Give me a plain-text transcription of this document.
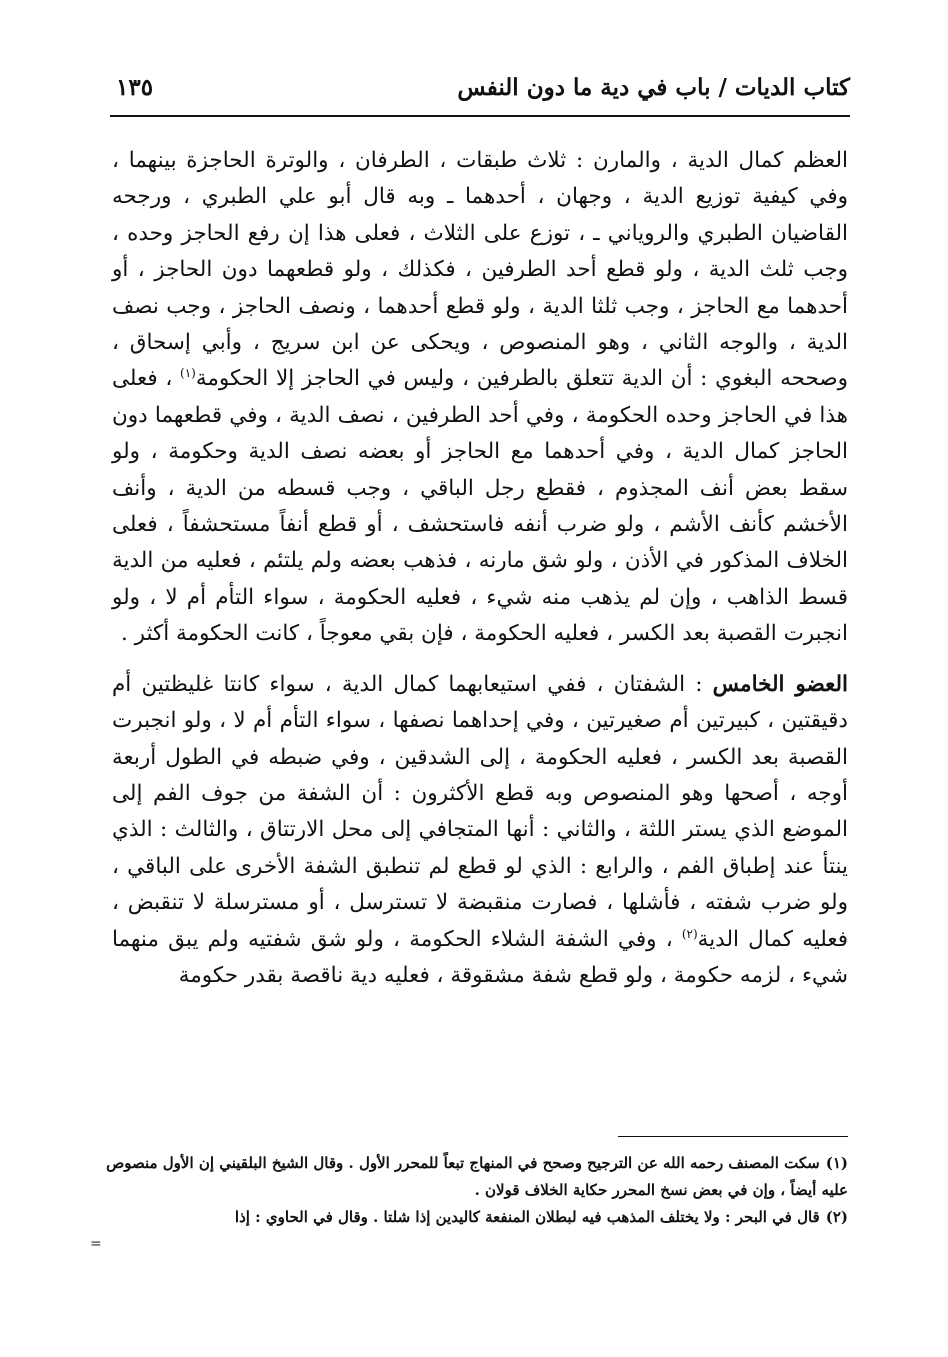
كتاب الديات / باب في دية ما دون النفس
١٣٥

العظم كمال الدية ، والمارن : ثلاث طبقات ، الطرفان ، والوترة الحاجزة بينهما ، وفي كيفية توزيع الدية ، وجهان ، أحدهما ـ وبه قال أبو علي الطبري ، ورجحه القاضيان الطبري والروياني ـ ، توزع على الثلاث ، فعلى هذا إن رفع الحاجز وحده ، وجب ثلث الدية ، ولو قطع أحد الطرفين ، فكذلك ، ولو قطعهما دون الحاجز ، أو أحدهما مع الحاجز ، وجب ثلثا الدية ، ولو قطع أحدهما ، ونصف الحاجز ، وجب نصف الدية ، والوجه الثاني ، وهو المنصوص ، ويحكى عن ابن سريج ، وأبي إسحاق ، وصححه البغوي : أن الدية تتعلق بالطرفين ، وليس في الحاجز إلا الحكومة$^{(١)}$ ، فعلى هذا في الحاجز وحده الحكومة ، وفي أحد الطرفين ، نصف الدية ، وفي قطعهما دون الحاجز كمال الدية ، وفي أحدهما مع الحاجز أو بعضه نصف الدية وحكومة ، ولو سقط بعض أنف المجذوم ، فقطع رجل الباقي ، وجب قسطه من الدية ، وأنف الأخشم كأنف الأشم ، ولو ضرب أنفه فاستحشف ، أو قطع أنفاً مستحشفاً ، فعلى الخلاف المذكور في الأذن ، ولو شق مارنه ، فذهب بعضه ولم يلتئم ، فعليه من الدية قسط الذاهب ، وإن لم يذهب منه شيء ، فعليه الحكومة ، سواء التأم أم لا ، ولو انجبرت القصبة بعد الكسر ، فعليه الحكومة ، فإن بقي معوجاً ، كانت الحكومة أكثر .

العضو الخامس : الشفتان ، ففي استيعابهما كمال الدية ، سواء كانتا غليظتين أم دقيقتين ، كبيرتين أم صغيرتين ، وفي إحداهما نصفها ، سواء التأم أم لا ، ولو انجبرت القصبة بعد الكسر ، فعليه الحكومة ، إلى الشدقين ، وفي ضبطه في الطول أربعة أوجه ، أصحها وهو المنصوص وبه قطع الأكثرون : أن الشفة من جوف الفم إلى الموضع الذي يستر اللثة ، والثاني : أنها المتجافي إلى محل الارتتاق ، والثالث : الذي ينتأ عند إطباق الفم ، والرابع : الذي لو قطع لم تنطبق الشفة الأخرى على الباقي ، ولو ضرب شفته ، فأشلها ، فصارت منقبضة لا تسترسل ، أو مسترسلة لا تنقبض ، فعليه كمال الدية$^{(٢)}$ ، وفي الشفة الشلاء الحكومة ، ولو شق شفتيه ولم يبق منهما شيء ، لزمه حكومة ، ولو قطع شفة مشقوقة ، فعليه دية ناقصة بقدر حكومة

(١)سكت المصنف رحمه الله عن الترجيح وصحح في المنهاج تبعاً للمحرر الأول . وقال الشيخ البلقيني إن الأول منصوص عليه أيضاً ، وإن في بعض نسخ المحرر حكاية الخلاف قولان .

(٢)قال في البحر : ولا يختلف المذهب فيه لبطلان المنفعة كاليدين إذا شلتا . وقال في الحاوي : إذا

=
